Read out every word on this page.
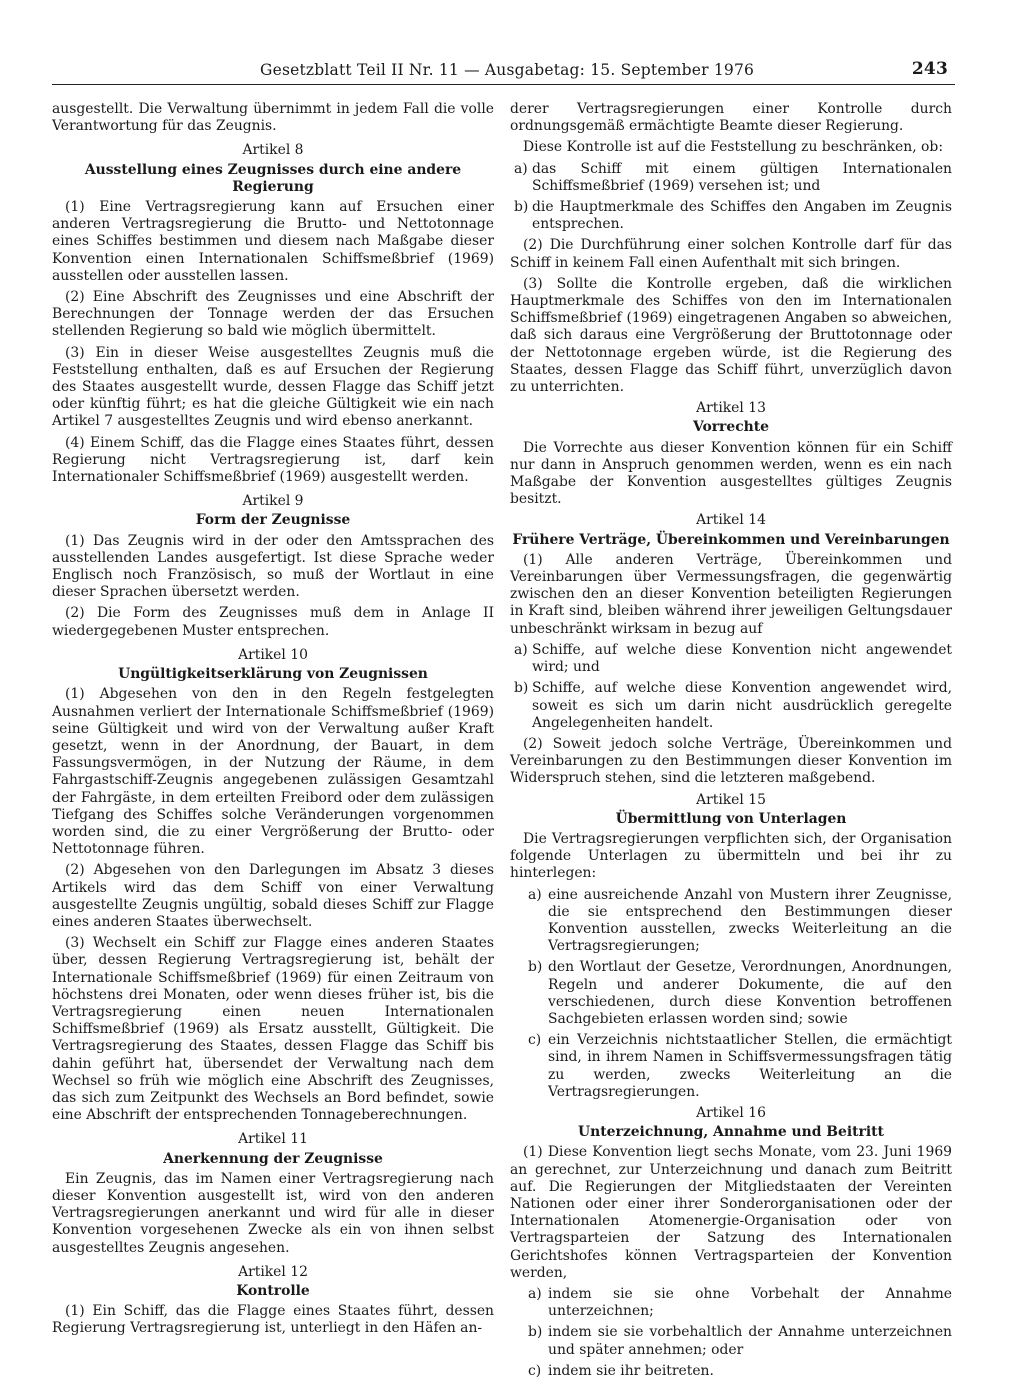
Gesetzblatt Teil II Nr. 11 — Ausgabetag: 15. September 1976	243

ausgestellt. Die Verwaltung übernimmt in jedem Fall die volle Verantwortung für das Zeugnis.

Artikel 8
Ausstellung eines Zeugnisses durch eine andere Regierung

(1) Eine Vertragsregierung kann auf Ersuchen einer anderen Vertragsregierung die Brutto- und Nettotonnage eines Schiffes bestimmen und diesem nach Maßgabe dieser Konvention einen Internationalen Schiffsmeßbrief (1969) ausstellen oder ausstellen lassen.

(2) Eine Abschrift des Zeugnisses und eine Abschrift der Berechnungen der Tonnage werden der das Ersuchen stellenden Regierung so bald wie möglich übermittelt.

(3) Ein in dieser Weise ausgestelltes Zeugnis muß die Feststellung enthalten, daß es auf Ersuchen der Regierung des Staates ausgestellt wurde, dessen Flagge das Schiff jetzt oder künftig führt; es hat die gleiche Gültigkeit wie ein nach Artikel 7 ausgestelltes Zeugnis und wird ebenso anerkannt.

(4) Einem Schiff, das die Flagge eines Staates führt, dessen Regierung nicht Vertragsregierung ist, darf kein Internationaler Schiffsmeßbrief (1969) ausgestellt werden.

Artikel 9
Form der Zeugnisse

(1) Das Zeugnis wird in der oder den Amtssprachen des ausstellenden Landes ausgefertigt. Ist diese Sprache weder Englisch noch Französisch, so muß der Wortlaut in eine dieser Sprachen übersetzt werden.

(2) Die Form des Zeugnisses muß dem in Anlage II wiedergegebenen Muster entsprechen.

Artikel 10
Ungültigkeitserklärung von Zeugnissen

(1) Abgesehen von den in den Regeln festgelegten Ausnahmen verliert der Internationale Schiffsmeßbrief (1969) seine Gültigkeit und wird von der Verwaltung außer Kraft gesetzt, wenn in der Anordnung, der Bauart, in dem Fassungsvermögen, in der Nutzung der Räume, in dem Fahrgastschiff-Zeugnis angegebenen zulässigen Gesamtzahl der Fahrgäste, in dem erteilten Freibord oder dem zulässigen Tiefgang des Schiffes solche Veränderungen vorgenommen worden sind, die zu einer Vergrößerung der Brutto- oder Nettotonnage führen.

(2) Abgesehen von den Darlegungen im Absatz 3 dieses Artikels wird das dem Schiff von einer Verwaltung ausgestellte Zeugnis ungültig, sobald dieses Schiff zur Flagge eines anderen Staates überwechselt.

(3) Wechselt ein Schiff zur Flagge eines anderen Staates über, dessen Regierung Vertragsregierung ist, behält der Internationale Schiffsmeßbrief (1969) für einen Zeitraum von höchstens drei Monaten, oder wenn dieses früher ist, bis die Vertragsregierung einen neuen Internationalen Schiffsmeßbrief (1969) als Ersatz ausstellt, Gültigkeit. Die Vertragsregierung des Staates, dessen Flagge das Schiff bis dahin geführt hat, übersendet der Verwaltung nach dem Wechsel so früh wie möglich eine Abschrift des Zeugnisses, das sich zum Zeitpunkt des Wechsels an Bord befindet, sowie eine Abschrift der entsprechenden Tonnageberechnungen.

Artikel 11
Anerkennung der Zeugnisse

Ein Zeugnis, das im Namen einer Vertragsregierung nach dieser Konvention ausgestellt ist, wird von den anderen Vertragsregierungen anerkannt und wird für alle in dieser Konvention vorgesehenen Zwecke als ein von ihnen selbst ausgestelltes Zeugnis angesehen.

Artikel 12
Kontrolle

(1) Ein Schiff, das die Flagge eines Staates führt, dessen Regierung Vertragsregierung ist, unterliegt in den Häfen an-

derer Vertragsregierungen einer Kontrolle durch ordnungsgemäß ermächtigte Beamte dieser Regierung.

Diese Kontrolle ist auf die Feststellung zu beschränken, ob:

a) das Schiff mit einem gültigen Internationalen Schiffsmeßbrief (1969) versehen ist; und
b) die Hauptmerkmale des Schiffes den Angaben im Zeugnis entsprechen.

(2) Die Durchführung einer solchen Kontrolle darf für das Schiff in keinem Fall einen Aufenthalt mit sich bringen.

(3) Sollte die Kontrolle ergeben, daß die wirklichen Hauptmerkmale des Schiffes von den im Internationalen Schiffsmeßbrief (1969) eingetragenen Angaben so abweichen, daß sich daraus eine Vergrößerung der Bruttotonnage oder der Nettotonnage ergeben würde, ist die Regierung des Staates, dessen Flagge das Schiff führt, unverzüglich davon zu unterrichten.

Artikel 13
Vorrechte

Die Vorrechte aus dieser Konvention können für ein Schiff nur dann in Anspruch genommen werden, wenn es ein nach Maßgabe der Konvention ausgestelltes gültiges Zeugnis besitzt.

Artikel 14
Frühere Verträge, Übereinkommen und Vereinbarungen

(1) Alle anderen Verträge, Übereinkommen und Vereinbarungen über Vermessungsfragen, die gegenwärtig zwischen den an dieser Konvention beteiligten Regierungen in Kraft sind, bleiben während ihrer jeweiligen Geltungsdauer unbeschränkt wirksam in bezug auf

a) Schiffe, auf welche diese Konvention nicht angewendet wird; und
b) Schiffe, auf welche diese Konvention angewendet wird, soweit es sich um darin nicht ausdrücklich geregelte Angelegenheiten handelt.

(2) Soweit jedoch solche Verträge, Übereinkommen und Vereinbarungen zu den Bestimmungen dieser Konvention im Widerspruch stehen, sind die letzteren maßgebend.

Artikel 15
Übermittlung von Unterlagen

Die Vertragsregierungen verpflichten sich, der Organisation folgende Unterlagen zu übermitteln und bei ihr zu hinterlegen:

a) eine ausreichende Anzahl von Mustern ihrer Zeugnisse, die sie entsprechend den Bestimmungen dieser Konvention ausstellen, zwecks Weiterleitung an die Vertragsregierungen;
b) den Wortlaut der Gesetze, Verordnungen, Anordnungen, Regeln und anderer Dokumente, die auf den verschiedenen, durch diese Konvention betroffenen Sachgebieten erlassen worden sind; sowie
c) ein Verzeichnis nichtstaatlicher Stellen, die ermächtigt sind, in ihrem Namen in Schiffsvermessungsfragen tätig zu werden, zwecks Weiterleitung an die Vertragsregierungen.
Artikel 16
Unterzeichnung, Annahme und Beitritt

(1) Diese Konvention liegt sechs Monate, vom 23. Juni 1969 an gerechnet, zur Unterzeichnung und danach zum Beitritt auf. Die Regierungen der Mitgliedstaaten der Vereinten Nationen oder einer ihrer Sonderorganisationen oder der Internationalen Atomenergie-Organisation oder von Vertragsparteien der Satzung des Internationalen Gerichtshofes können Vertragsparteien der Konvention werden,

a) indem sie sie ohne Vorbehalt der Annahme unterzeichnen;
b) indem sie sie vorbehaltlich der Annahme unterzeichnen und später annehmen; oder
c) indem sie ihr beitreten.
